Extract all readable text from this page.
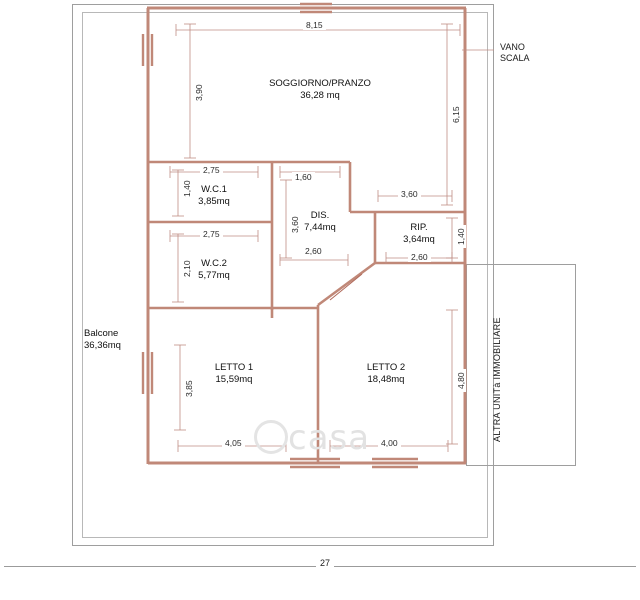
casa
SOGGIORNO/PRANZO
36,28 mq
W.C.1
3,85mq
W.C.2
5,77mq
DIS.
7,44mq	RIP.
3,64mq
LETTO 1
15,59mq
LETTO 2
18,48mq
Balcone
36,36mq
VANO
SCALA
ALTRA UNITà IMMOBILIARE
27
8,15
3,90
6,15
2,75
1,40
1,60
3,60
3,60
2,75
2,10
2,60
2,60
1,40
3,85	4,80
4,05	4,00
